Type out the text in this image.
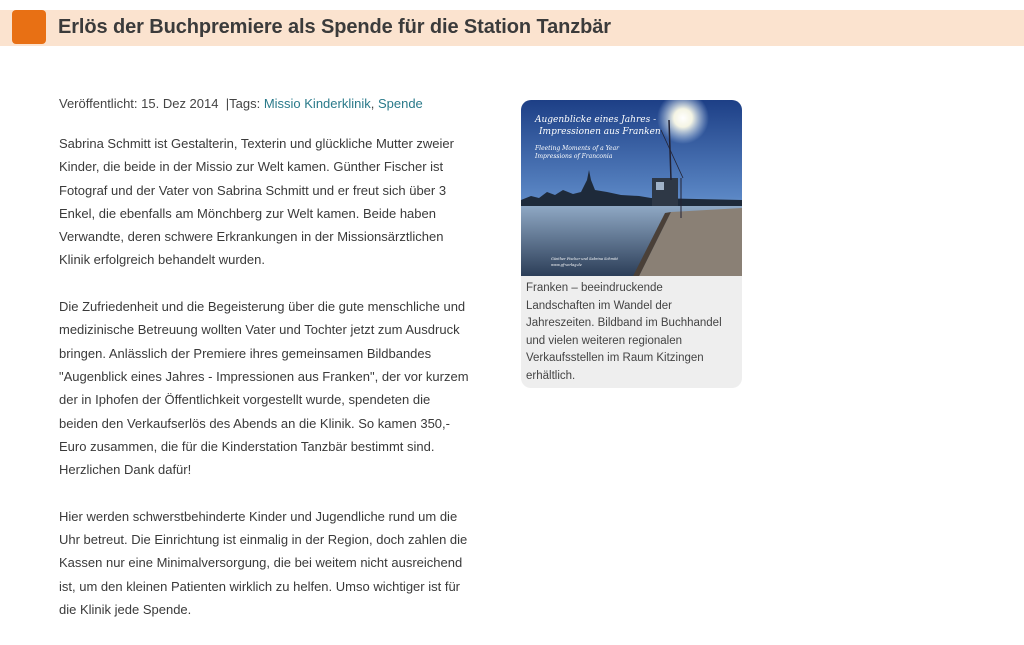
Erlös der Buchpremiere als Spende für die Station Tanzbär
Veröffentlicht: 15. Dez 2014  |Tags: Missio Kinderklinik, Spende

Sabrina Schmitt ist Gestalterin, Texterin und glückliche Mutter zweier
Kinder, die beide in der Missio zur Welt kamen. Günther Fischer ist
Fotograf und der Vater von Sabrina Schmitt und er freut sich über 3
Enkel, die ebenfalls am Mönchberg zur Welt kamen. Beide haben
Verwandte, deren schwere Erkrankungen in der Missionsärztlichen
Klinik erfolgreich behandelt wurden.

Die Zufriedenheit und die Begeisterung über die gute menschliche und
medizinische Betreuung wollten Vater und Tochter jetzt zum Ausdruck
bringen. Anlässlich der Premiere ihres gemeinsamen Bildbandes
"Augenblick eines Jahres - Impressionen aus Franken", der vor kurzem
der in Iphofen der Öffentlichkeit vorgestellt wurde, spendeten die
beiden den Verkaufserlös des Abends an die Klinik. So kamen 350,-
Euro zusammen, die für die Kinderstation Tanzbär bestimmt sind.
Herzlichen Dank dafür!

Hier werden schwerstbehinderte Kinder und Jugendliche rund um die
Uhr betreut. Die Einrichtung ist einmalig in der Region, doch zahlen die
Kassen nur eine Minimalversorgung, die bei weitem nicht ausreichend
ist, um den kleinen Patienten wirklich zu helfen. Umso wichtiger ist für
die Klinik jede Spende.

Augenblicke eines Jahres -
Impressionen aus Franken
Fleeting Moments of a Year
Impressions of Franconia
Günther Fischer und Sabrina Schmitt
www.gf-verlag.de
Franken – beeindruckende
Landschaften im Wandel der
Jahreszeiten. Bildband im Buchhandel
und vielen weiteren regionalen
Verkaufsstellen im Raum Kitzingen
erhältlich.
